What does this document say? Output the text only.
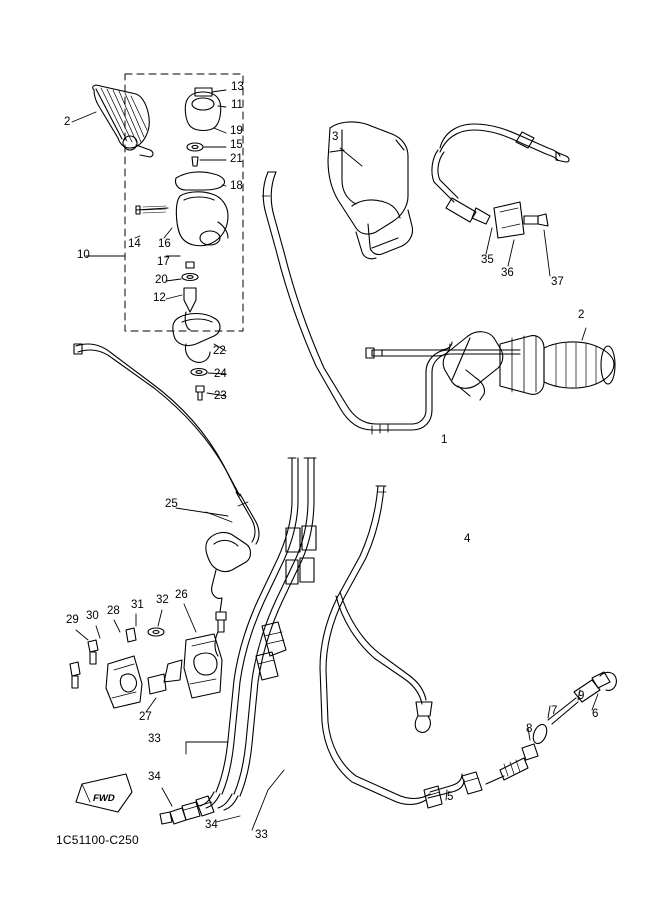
1
2
2
3
4
5
6
7
8
9
10
11
12
13
14
15
16
17
18
19
20
21
22
23
24
25
26
27
28
29 30
31 32
33
33
34
34
35
36
37
FWD
1C51100-C250
